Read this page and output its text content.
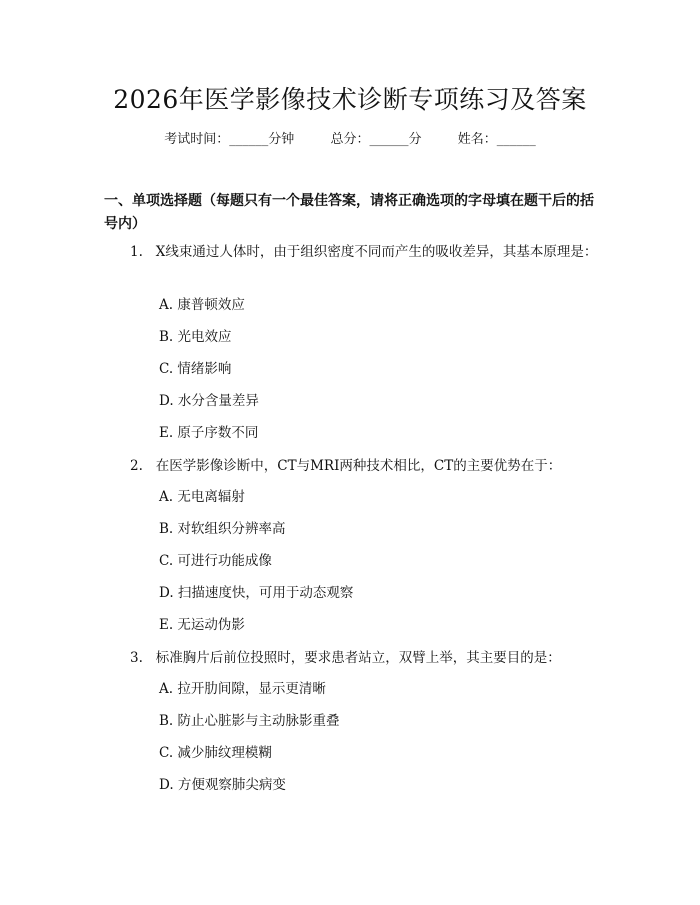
2026年医学影像技术诊断专项练习及答案
考试时间：______分钟	总分：______分	姓名：______
一、单项选择题（每题只有一个最佳答案，请将正确选项的字母填在题干后的括号内）
1. X线束通过人体时，由于组织密度不同而产生的吸收差异，其基本原理是：
A. 康普顿效应
B. 光电效应
C. 情绪影响
D. 水分含量差异
E. 原子序数不同
2. 在医学影像诊断中，CT与MRI两种技术相比，CT的主要优势在于：
A. 无电离辐射
B. 对软组织分辨率高
C. 可进行功能成像
D. 扫描速度快，可用于动态观察
E. 无运动伪影
3. 标准胸片后前位投照时，要求患者站立，双臂上举，其主要目的是：
A. 拉开肋间隙，显示更清晰
B. 防止心脏影与主动脉影重叠
C. 减少肺纹理模糊
D. 方便观察肺尖病变
